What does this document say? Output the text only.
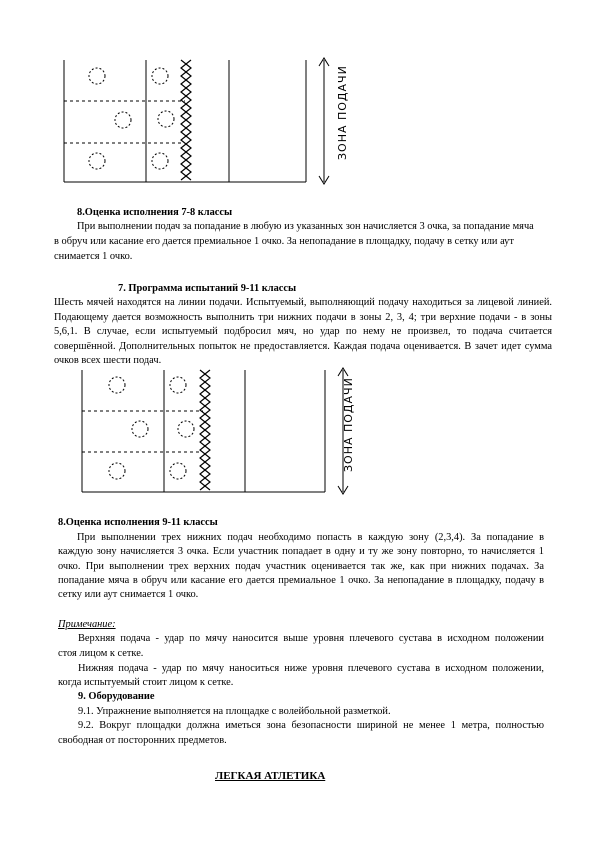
ЗОНА ПОДАЧИ

8.Оценка исполнения 7-8 классы

При выполнении подач за попадание в любую из указанных зон начисляется 3 очка, за попадание мяча

в обруч или касание его дается премиальное 1 очко. За непопадание в площадку, подачу в сетку или аут

снимается 1 очко.

7. Программа испытаний 9-11 классы

Шесть мячей находятся на линии подачи. Испытуемый, выполняющий подачу находиться за лицевой линией.

Подающему дается возможность выполнить три нижних подачи в зоны 2, 3, 4; три верхние подачи - в зоны

5,6,1. В случае, если испытуемый подбросил мяч, но удар по нему не произвел, то подача считается

совершённой. Дополнительных попыток не предоставляется. Каждая подача оценивается. В зачет идет сумма

очков всех шести подач.

ЗОНА ПОДАЧИ

8.Оценка исполнения 9-11 классы

При выполнении трех нижних подач необходимо попасть в каждую зону (2,3,4). За попадание в

каждую зону начисляется 3 очка. Если участник попадает в одну и ту же зону повторно, то начисляется 1

очко. При выполнении трех верхних подач участник оценивается так же, как при нижних подачах. За

попадание мяча в обруч или касание его дается премиальное 1 очко. За непопадание в площадку, подачу в

сетку или аут снимается 1 очко.

Примечание:

Верхняя подача - удар по мячу наносится выше уровня плечевого сустава в исходном положении

стоя лицом к сетке.

Нижняя подача - удар по мячу наноситься ниже уровня плечевого сустава в исходном положении,

когда испытуемый стоит лицом к сетке.

9. Оборудование

9.1. Упражнение выполняется на площадке с волейбольной разметкой.

9.2. Вокруг площадки должна иметься зона безопасности шириной не менее 1 метра, полностью

свободная от посторонних предметов.

ЛЕГКАЯ АТЛЕТИКА
